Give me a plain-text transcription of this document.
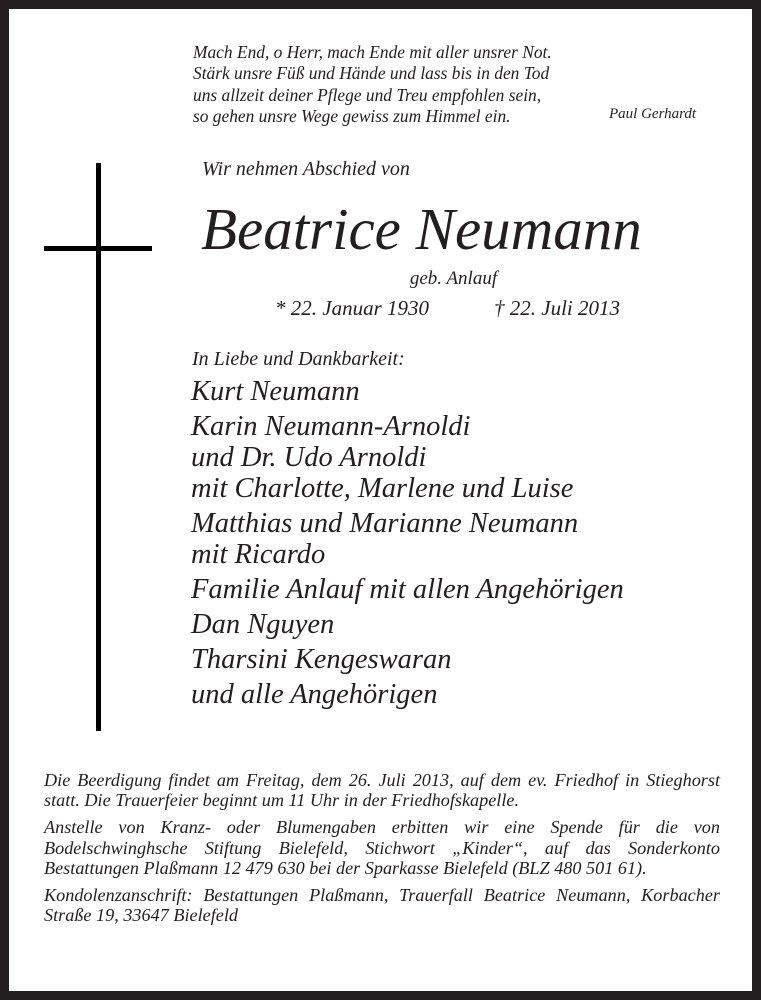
Mach End, o Herr, mach Ende mit aller unsrer Not.
Stärk unsre Füß und Hände und lass bis in den Tod
uns allzeit deiner Pflege und Treu empfohlen sein,
so gehen unsre Wege gewiss zum Himmel ein.	Paul Gerhardt
Wir nehmen Abschied von
Beatrice Neumann
geb. Anlauf
* 22. Januar 1930	† 22. Juli 2013
In Liebe und Dankbarkeit:
Kurt Neumann
Karin Neumann-Arnoldi
und Dr. Udo Arnoldi
mit Charlotte, Marlene und Luise
Matthias und Marianne Neumann
mit Ricardo
Familie Anlauf mit allen Angehörigen
Dan Nguyen
Tharsini Kengeswaran
und alle Angehörigen

Die Beerdigung findet am Freitag, dem 26. Juli 2013, auf dem ev. Friedhof in Stieghorst statt. Die Trauerfeier beginnt um 11 Uhr in der Friedhofskapelle.

Anstelle von Kranz- oder Blumengaben erbitten wir eine Spende für die von Bodelschwinghsche Stiftung Bielefeld, Stichwort „Kinder“, auf das Sonderkonto Bestattungen Plaßmann 12 479 630 bei der Sparkasse Bielefeld (BLZ 480 501 61).

Kondolenzanschrift: Bestattungen Plaßmann, Trauerfall Beatrice Neumann, Korbacher Straße 19, 33647 Bielefeld
